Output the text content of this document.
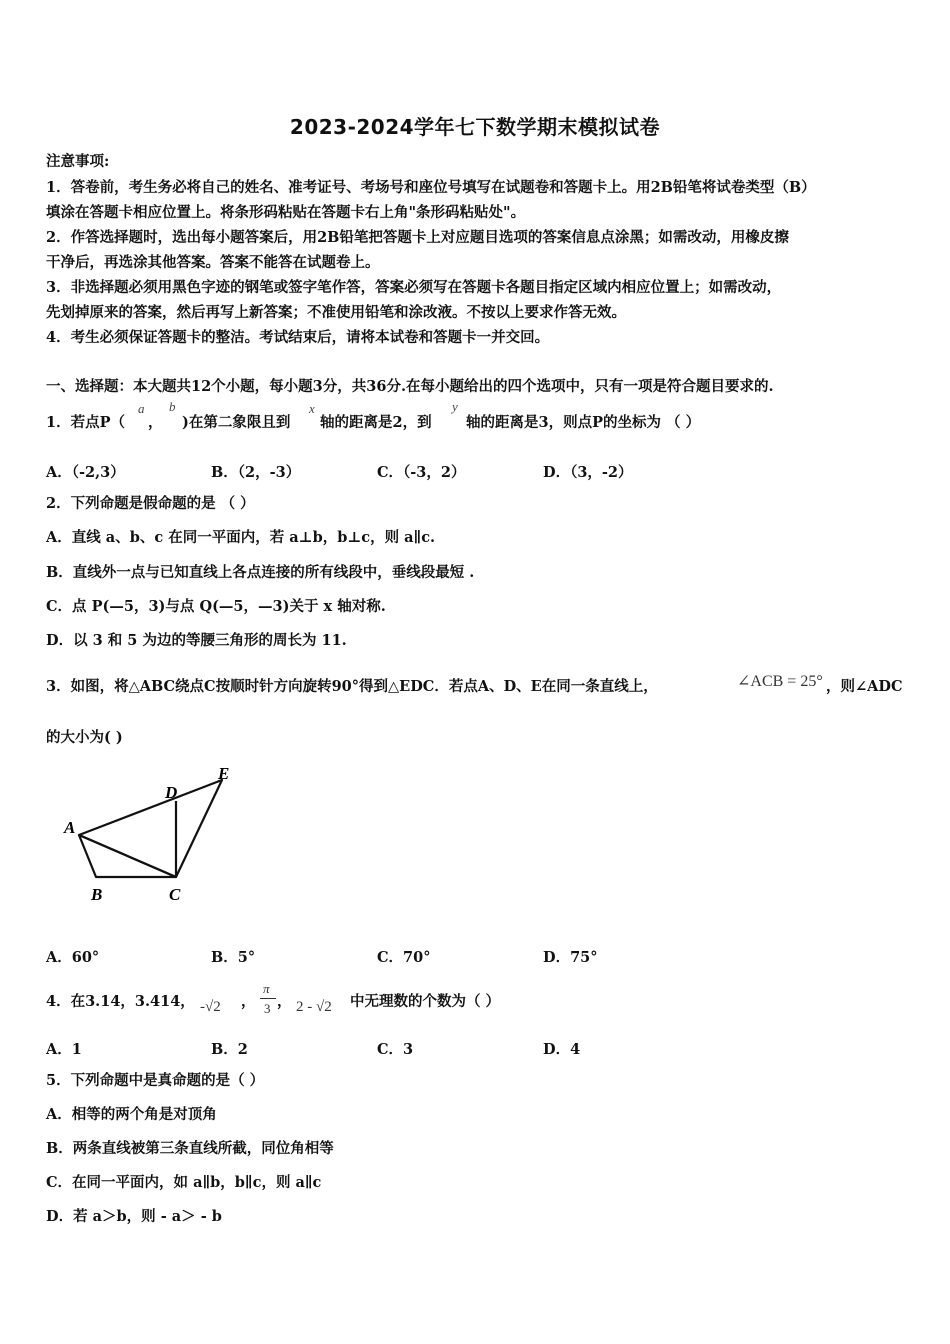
2023-2024学年七下数学期末模拟试卷
注意事项:
1．答卷前，考生务必将自己的姓名、准考证号、考场号和座位号填写在试题卷和答题卡上。用2B铅笔将试卷类型（B）
填涂在答题卡相应位置上。将条形码粘贴在答题卡右上角"条形码粘贴处"。
2．作答选择题时，选出每小题答案后，用2B铅笔把答题卡上对应题目选项的答案信息点涂黑；如需改动，用橡皮擦
干净后，再选涂其他答案。答案不能答在试题卷上。
3．非选择题必须用黑色字迹的钢笔或签字笔作答，答案必须写在答题卡各题目指定区域内相应位置上；如需改动，
先划掉原来的答案，然后再写上新答案；不准使用铅笔和涂改液。不按以上要求作答无效。
4．考生必须保证答题卡的整洁。考试结束后，请将本试卷和答题卡一并交回。
一、选择题：本大题共12个小题，每小题3分，共36分.在每小题给出的四个选项中，只有一项是符合题目要求的.
1．若点P（
a
，
b
)在第二象限且到
x
轴的距离是2，到
y
轴的距离是3，则点P的坐标为 （ ）
A．（-2,3）	B．（2，-3）	C．（-3，2）	D．（3，-2）
2．下列命题是假命题的是 （ ）
A．直线 a、b、c 在同一平面内，若 a⊥b，b⊥c，则 a∥c.
B．直线外一点与已知直线上各点连接的所有线段中，垂线段最短 .
C．点 P(—5，3)与点 Q(—5，—3)关于 x 轴对称.
D．以 3 和 5 为边的等腰三角形的周长为 11.
3．如图，将△ABC绕点C按顺时针方向旋转90°得到△EDC．若点A、D、E在同一条直线上，	∠ACB = 25° ，则∠ADC
的大小为( )
A
B	C
D
E
A．60°	B．5°	C．70°	D．75°
4．在3.14，3.414， -√2 ，
π
3 ， 2 - √2 中无理数的个数为（ ）
A．1	B．2	C．3	D．4
5．下列命题中是真命题的是（ ）
A．相等的两个角是对顶角
B．两条直线被第三条直线所截，同位角相等
C．在同一平面内，如 a∥b，b∥c，则 a∥c
D．若 a＞b，则 - a＞ - b
